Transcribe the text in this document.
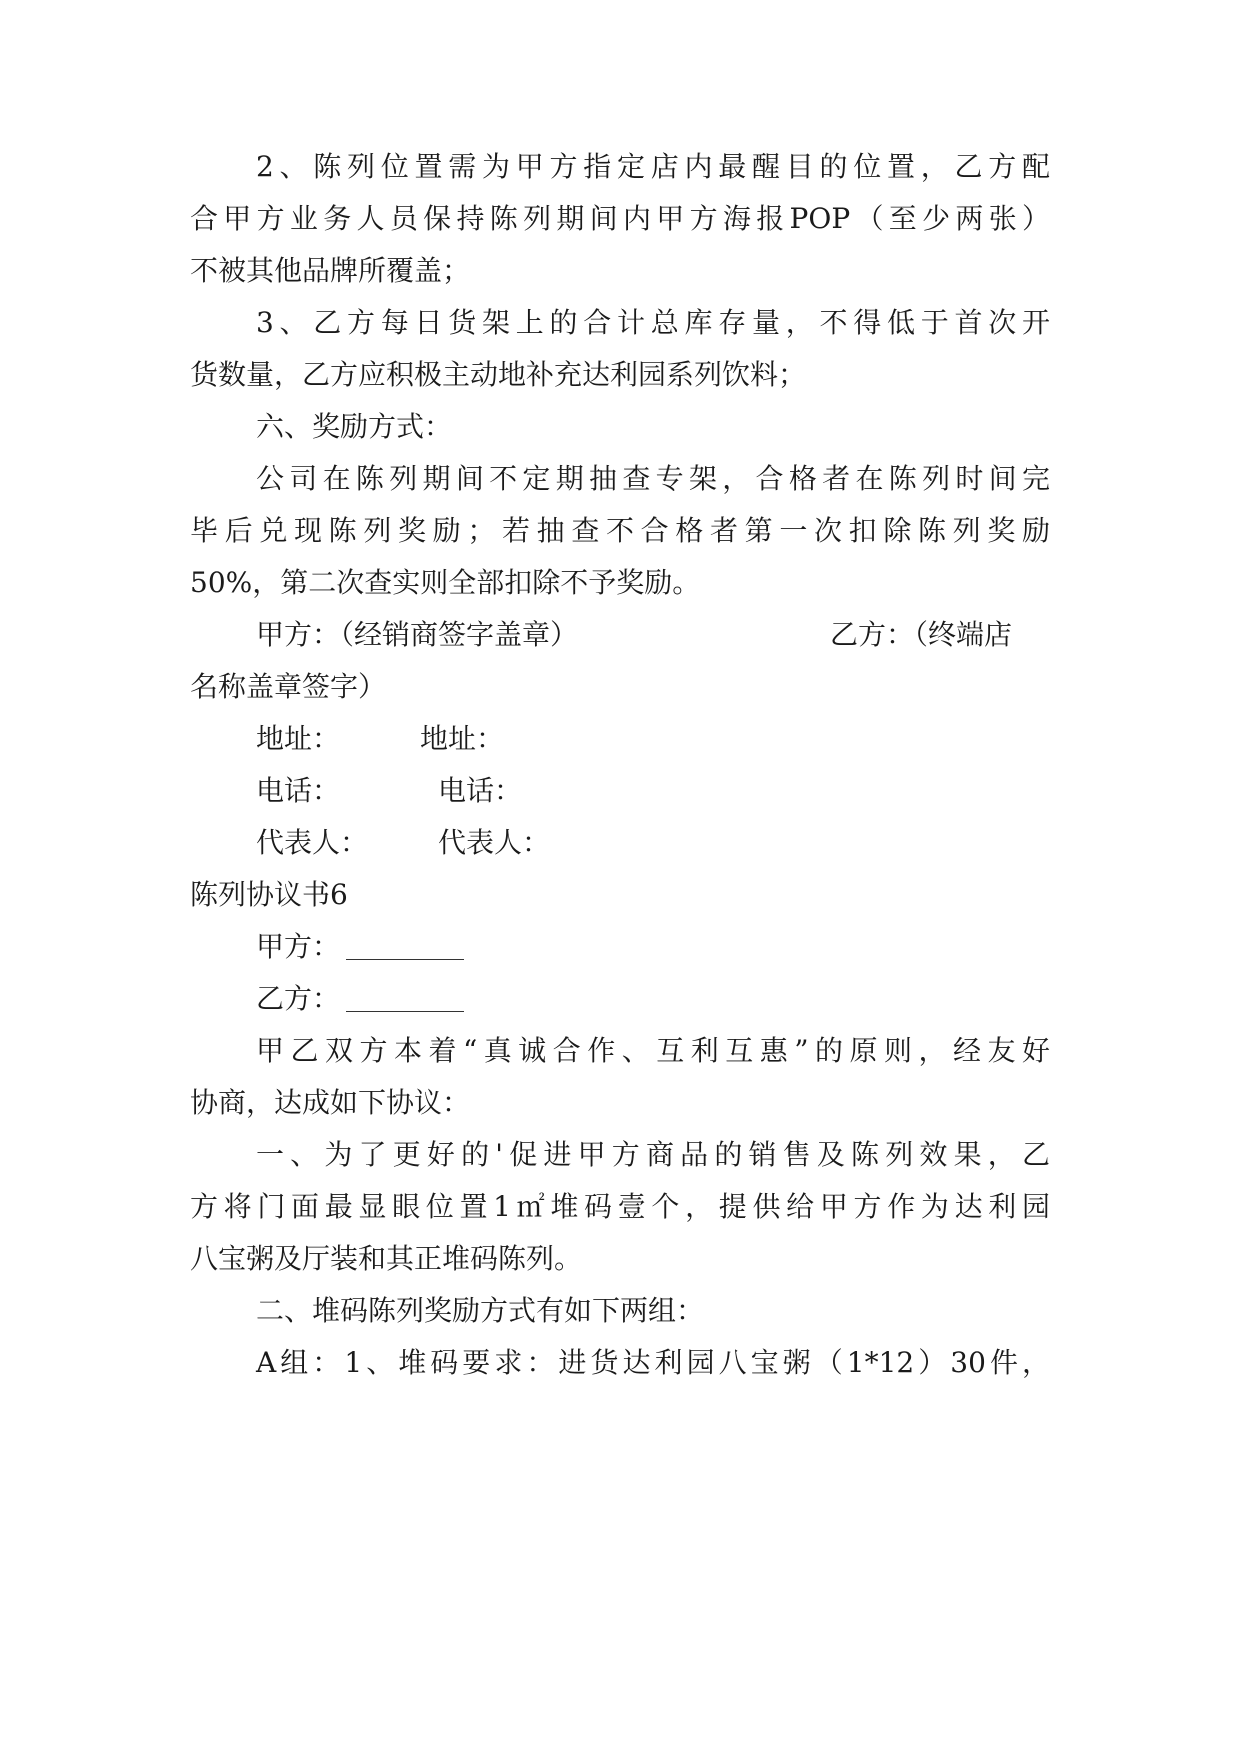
2、陈列位置需为甲方指定店内最醒目的位置，乙方配
合甲方业务人员保持陈列期间内甲方海报POP（至少两张）
不被其他品牌所覆盖；
3、乙方每日货架上的合计总库存量，不得低于首次开
货数量，乙方应积极主动地补充达利园系列饮料；
六、奖励方式：
公司在陈列期间不定期抽查专架，合格者在陈列时间完
毕后兑现陈列奖励；若抽查不合格者第一次扣除陈列奖励
50%，第二次查实则全部扣除不予奖励。
甲方：（经销商签字盖章）	乙方：（终端店
名称盖章签字）
地址：	地址：
电话：	电话：
代表人： 代表人：
陈列协议书6
甲方：
乙方：
甲乙双方本着“真诚合作、互利互惠”的原则，经友好
协商，达成如下协议：
一、为了更好的'促进甲方商品的销售及陈列效果，乙
方将门面最显眼位置1㎡堆码壹个，提供给甲方作为达利园
八宝粥及厅装和其正堆码陈列。
二、堆码陈列奖励方式有如下两组：
A组：1、堆码要求：进货达利园八宝粥（1*12）30件，
